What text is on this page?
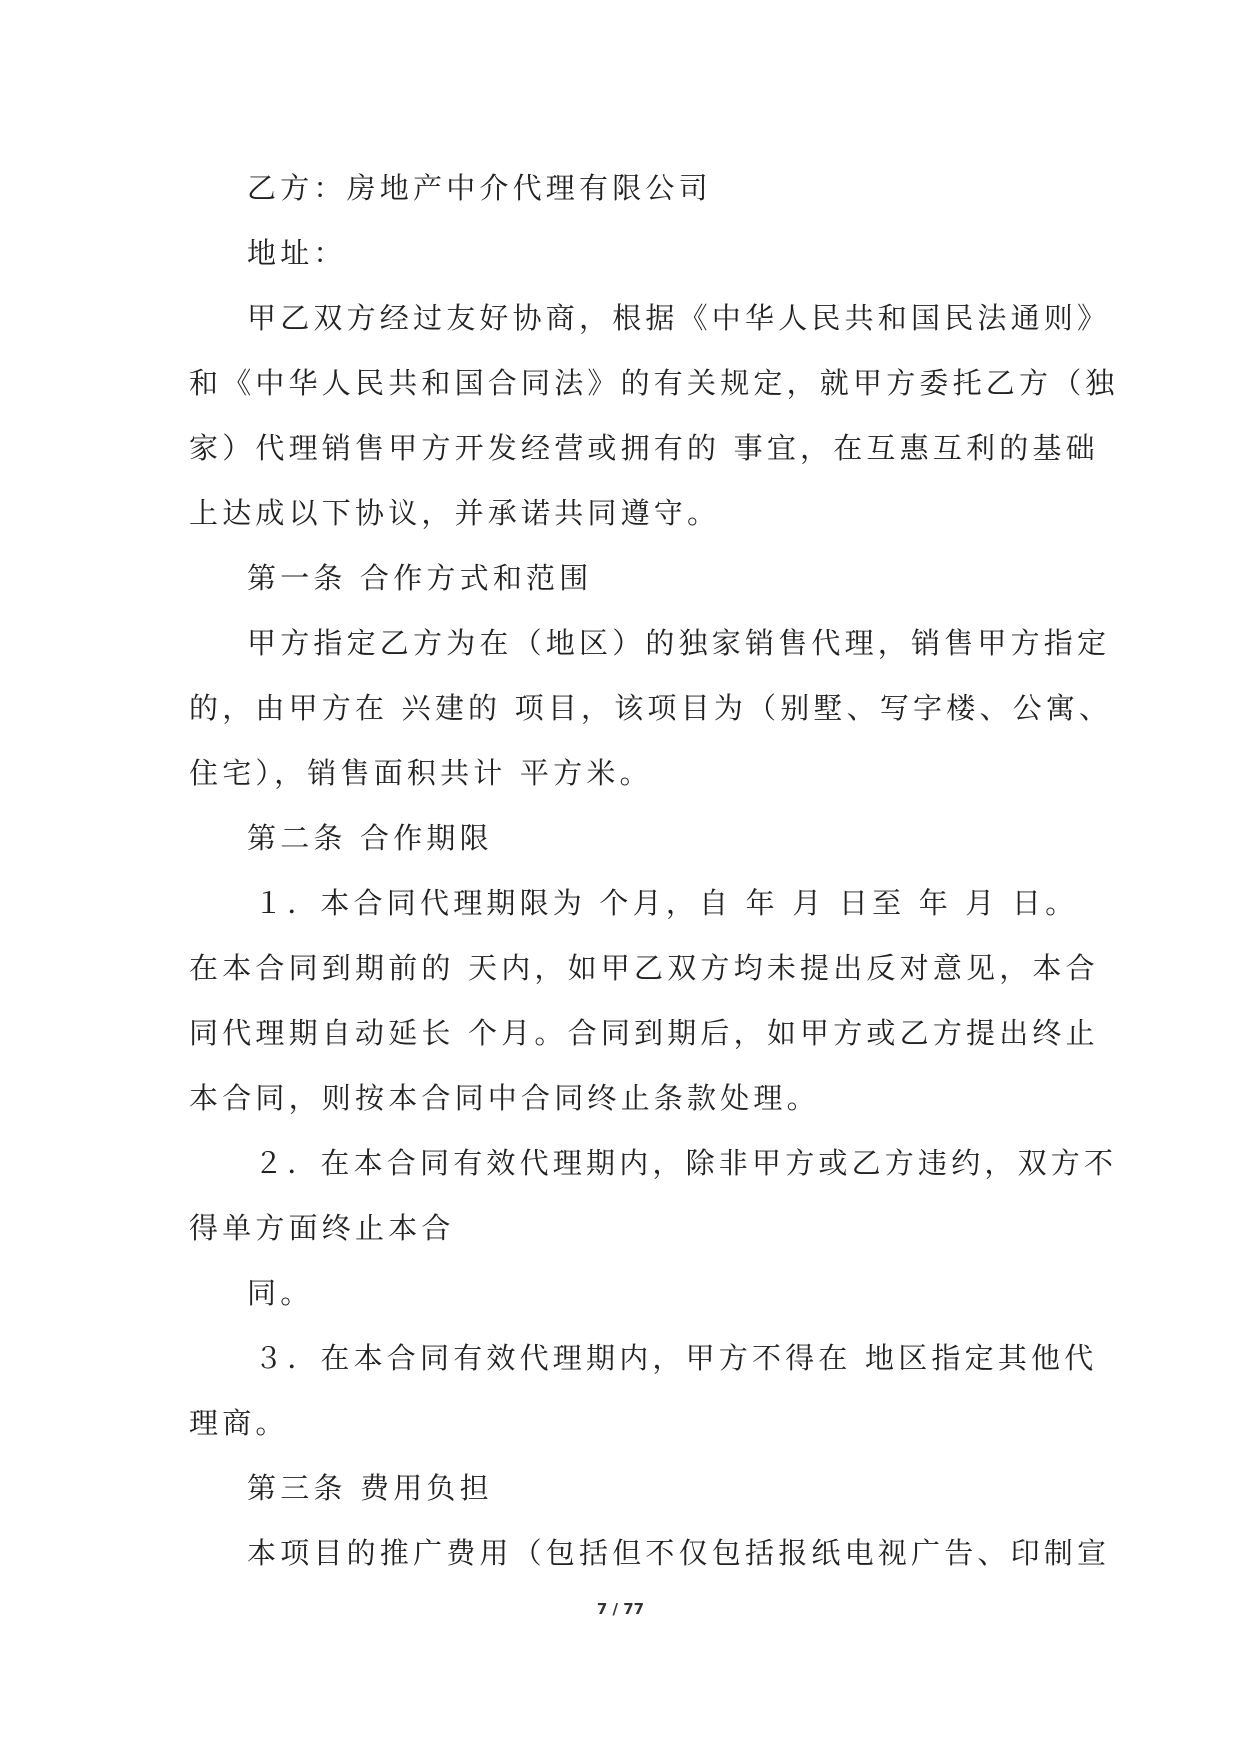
乙方：房地产中介代理有限公司

地址：

甲乙双方经过友好协商，根据《中华人民共和国民法通则》

和《中华人民共和国合同法》的有关规定，就甲方委托乙方（独

家）代理销售甲方开发经营或拥有的 事宜，在互惠互利的基础

上达成以下协议，并承诺共同遵守。

第一条 合作方式和范围

甲方指定乙方为在（地区）的独家销售代理，销售甲方指定

的，由甲方在 兴建的 项目，该项目为（别墅、写字楼、公寓、

住宅），销售面积共计 平方米。

第二条 合作期限

１．本合同代理期限为 个月，自 年 月 日至 年 月 日。

在本合同到期前的 天内，如甲乙双方均未提出反对意见，本合

同代理期自动延长 个月。合同到期后，如甲方或乙方提出终止

本合同，则按本合同中合同终止条款处理。

２．在本合同有效代理期内，除非甲方或乙方违约，双方不

得单方面终止本合

同。

３．在本合同有效代理期内，甲方不得在 地区指定其他代

理商。

第三条 费用负担

本项目的推广费用（包括但不仅包括报纸电视广告、印制宣

7 / 77
